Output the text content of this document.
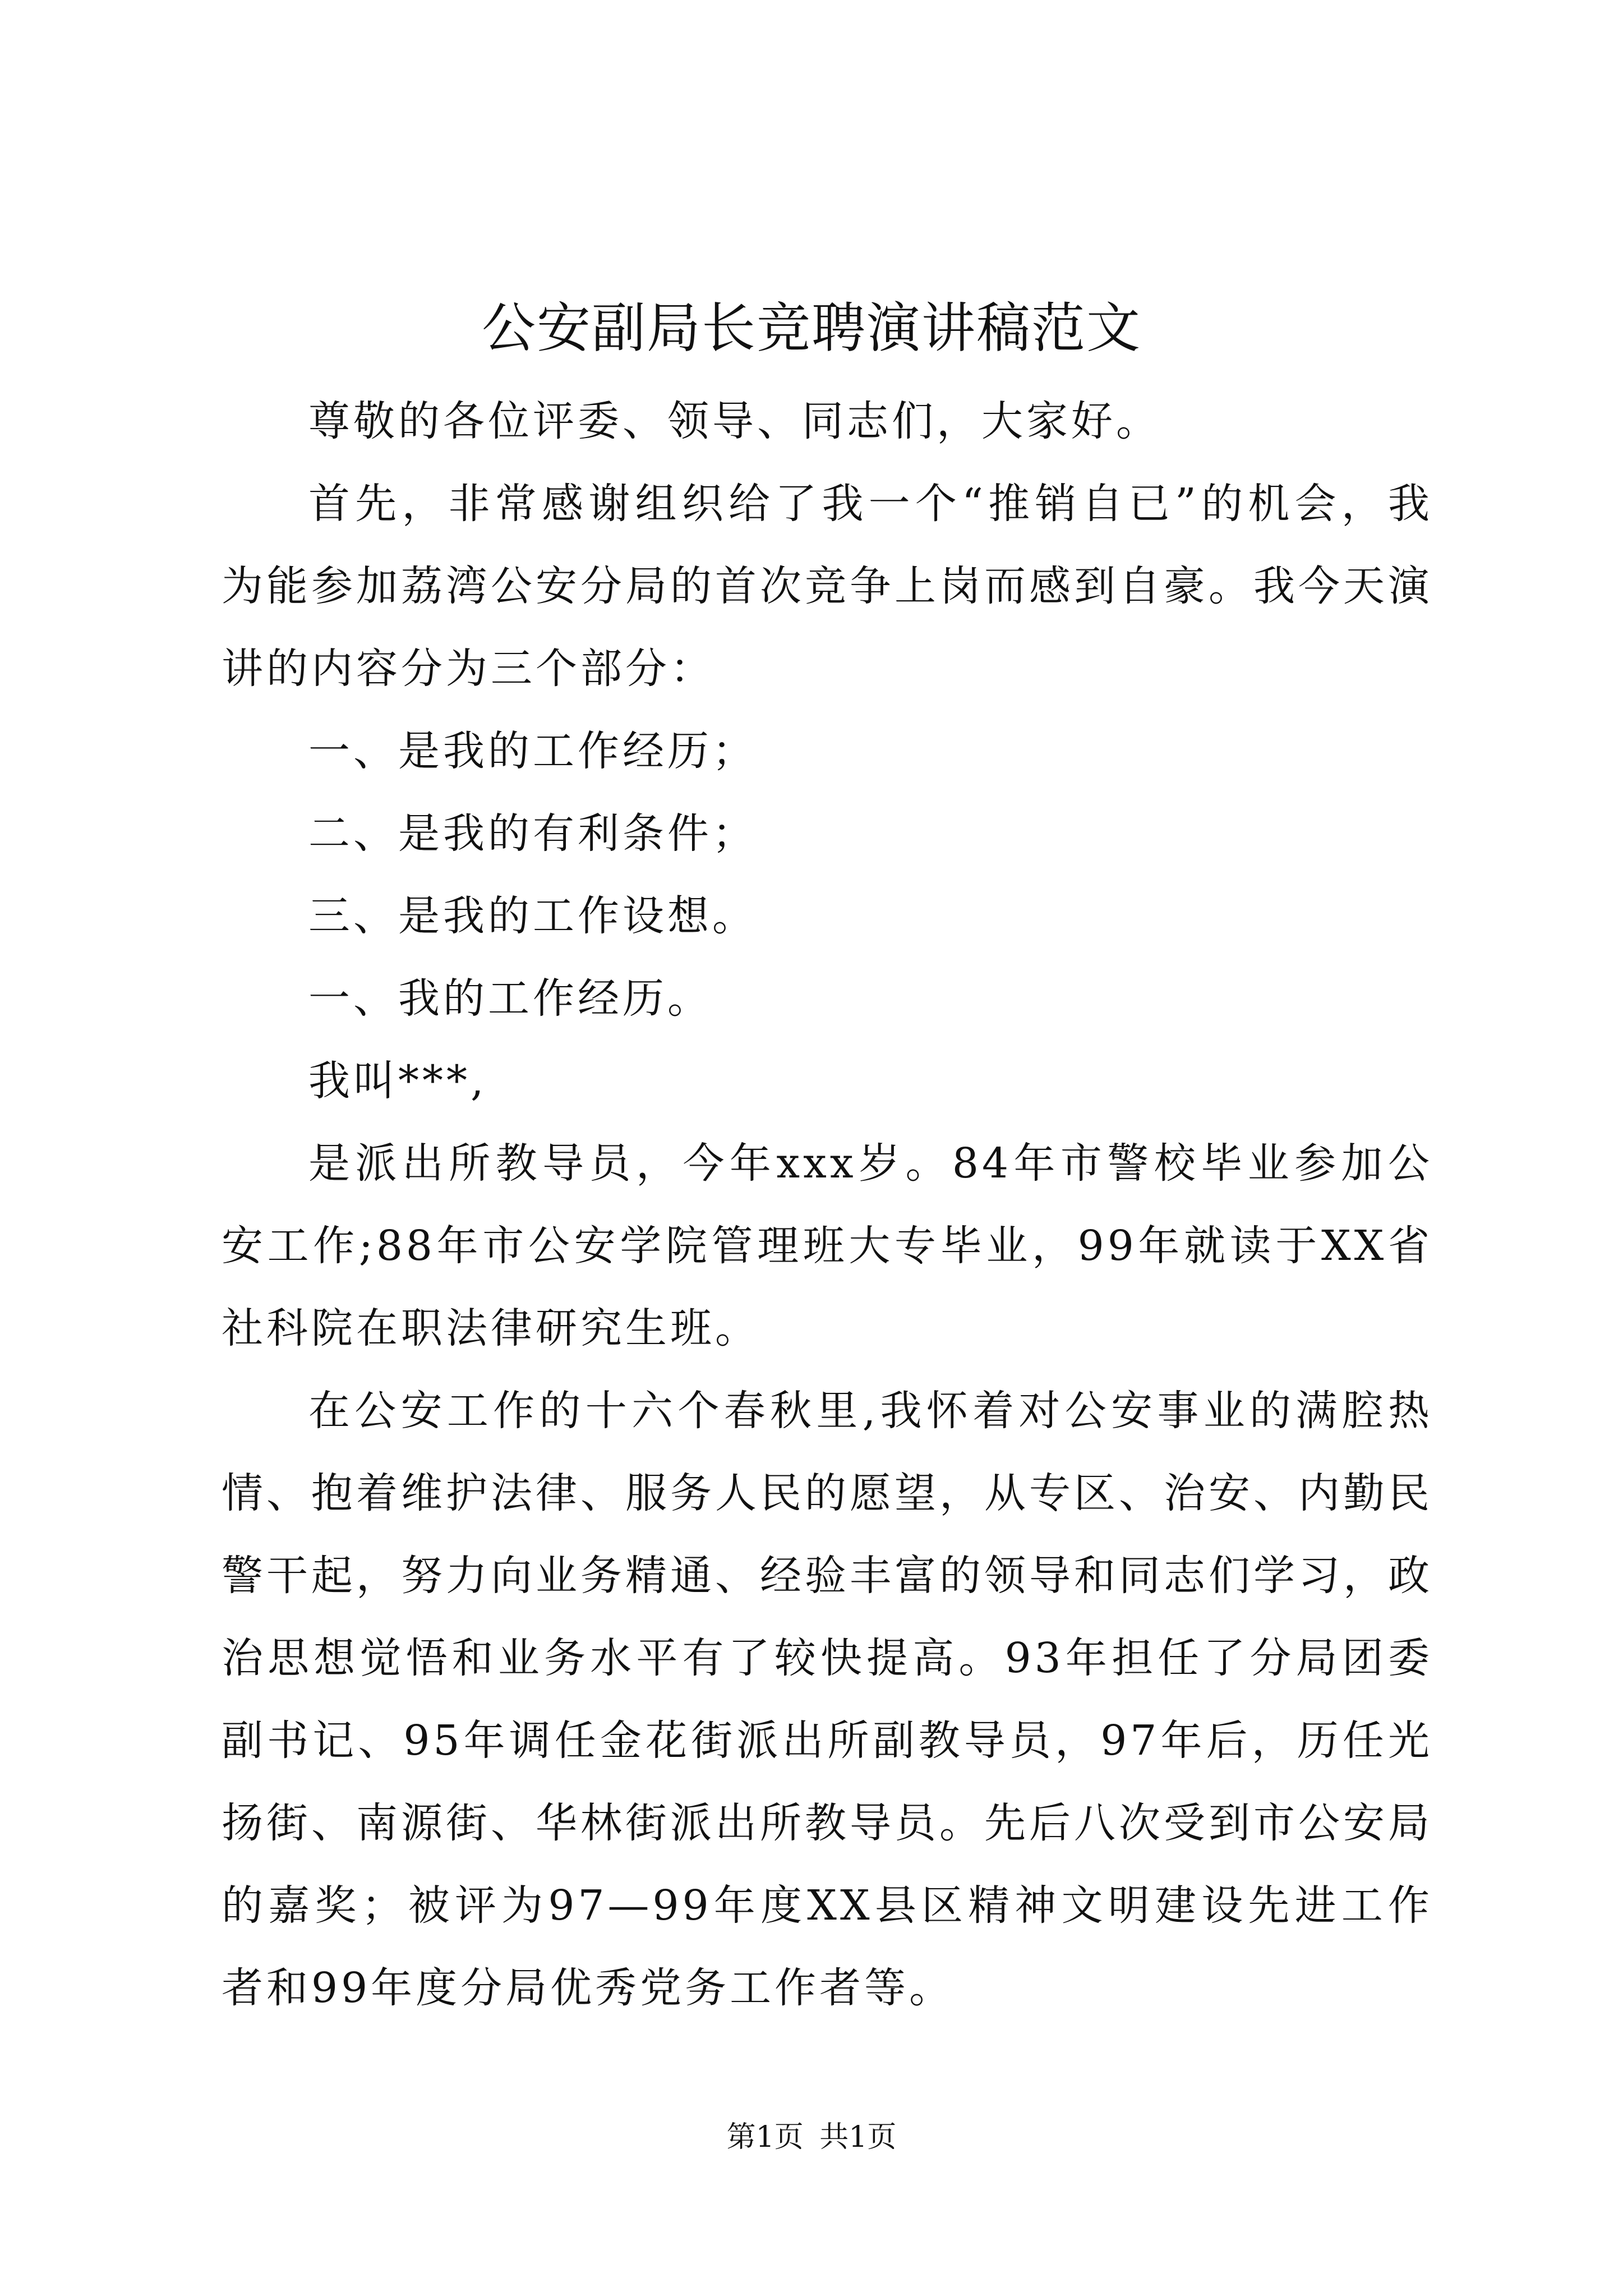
公安副局长竞聘演讲稿范文

尊敬的各位评委、领导、同志们，大家好。

首先，非常感谢组织给了我一个“推销自已”的机会，我为能参加荔湾公安分局的首次竞争上岗而感到自豪。我今天演讲的内容分为三个部分：

一、是我的工作经历；

二、是我的有利条件；

三、是我的工作设想。

一、我的工作经历。

我叫***,

是派出所教导员，今年xxx岁。84年市警校毕业参加公安工作;88年市公安学院管理班大专毕业，99年就读于XX省社科院在职法律研究生班。

在公安工作的十六个春秋里,我怀着对公安事业的满腔热情、抱着维护法律、服务人民的愿望，从专区、治安、内勤民警干起，努力向业务精通、经验丰富的领导和同志们学习，政治思想觉悟和业务水平有了较快提高。93年担任了分局团委副书记、95年调任金花街派出所副教导员，97年后，历任光扬街、南源街、华林街派出所教导员。先后八次受到市公安局的嘉奖；被评为97—99年度XX县区精神文明建设先进工作者和99年度分局优秀党务工作者等。

第1页 共1页
